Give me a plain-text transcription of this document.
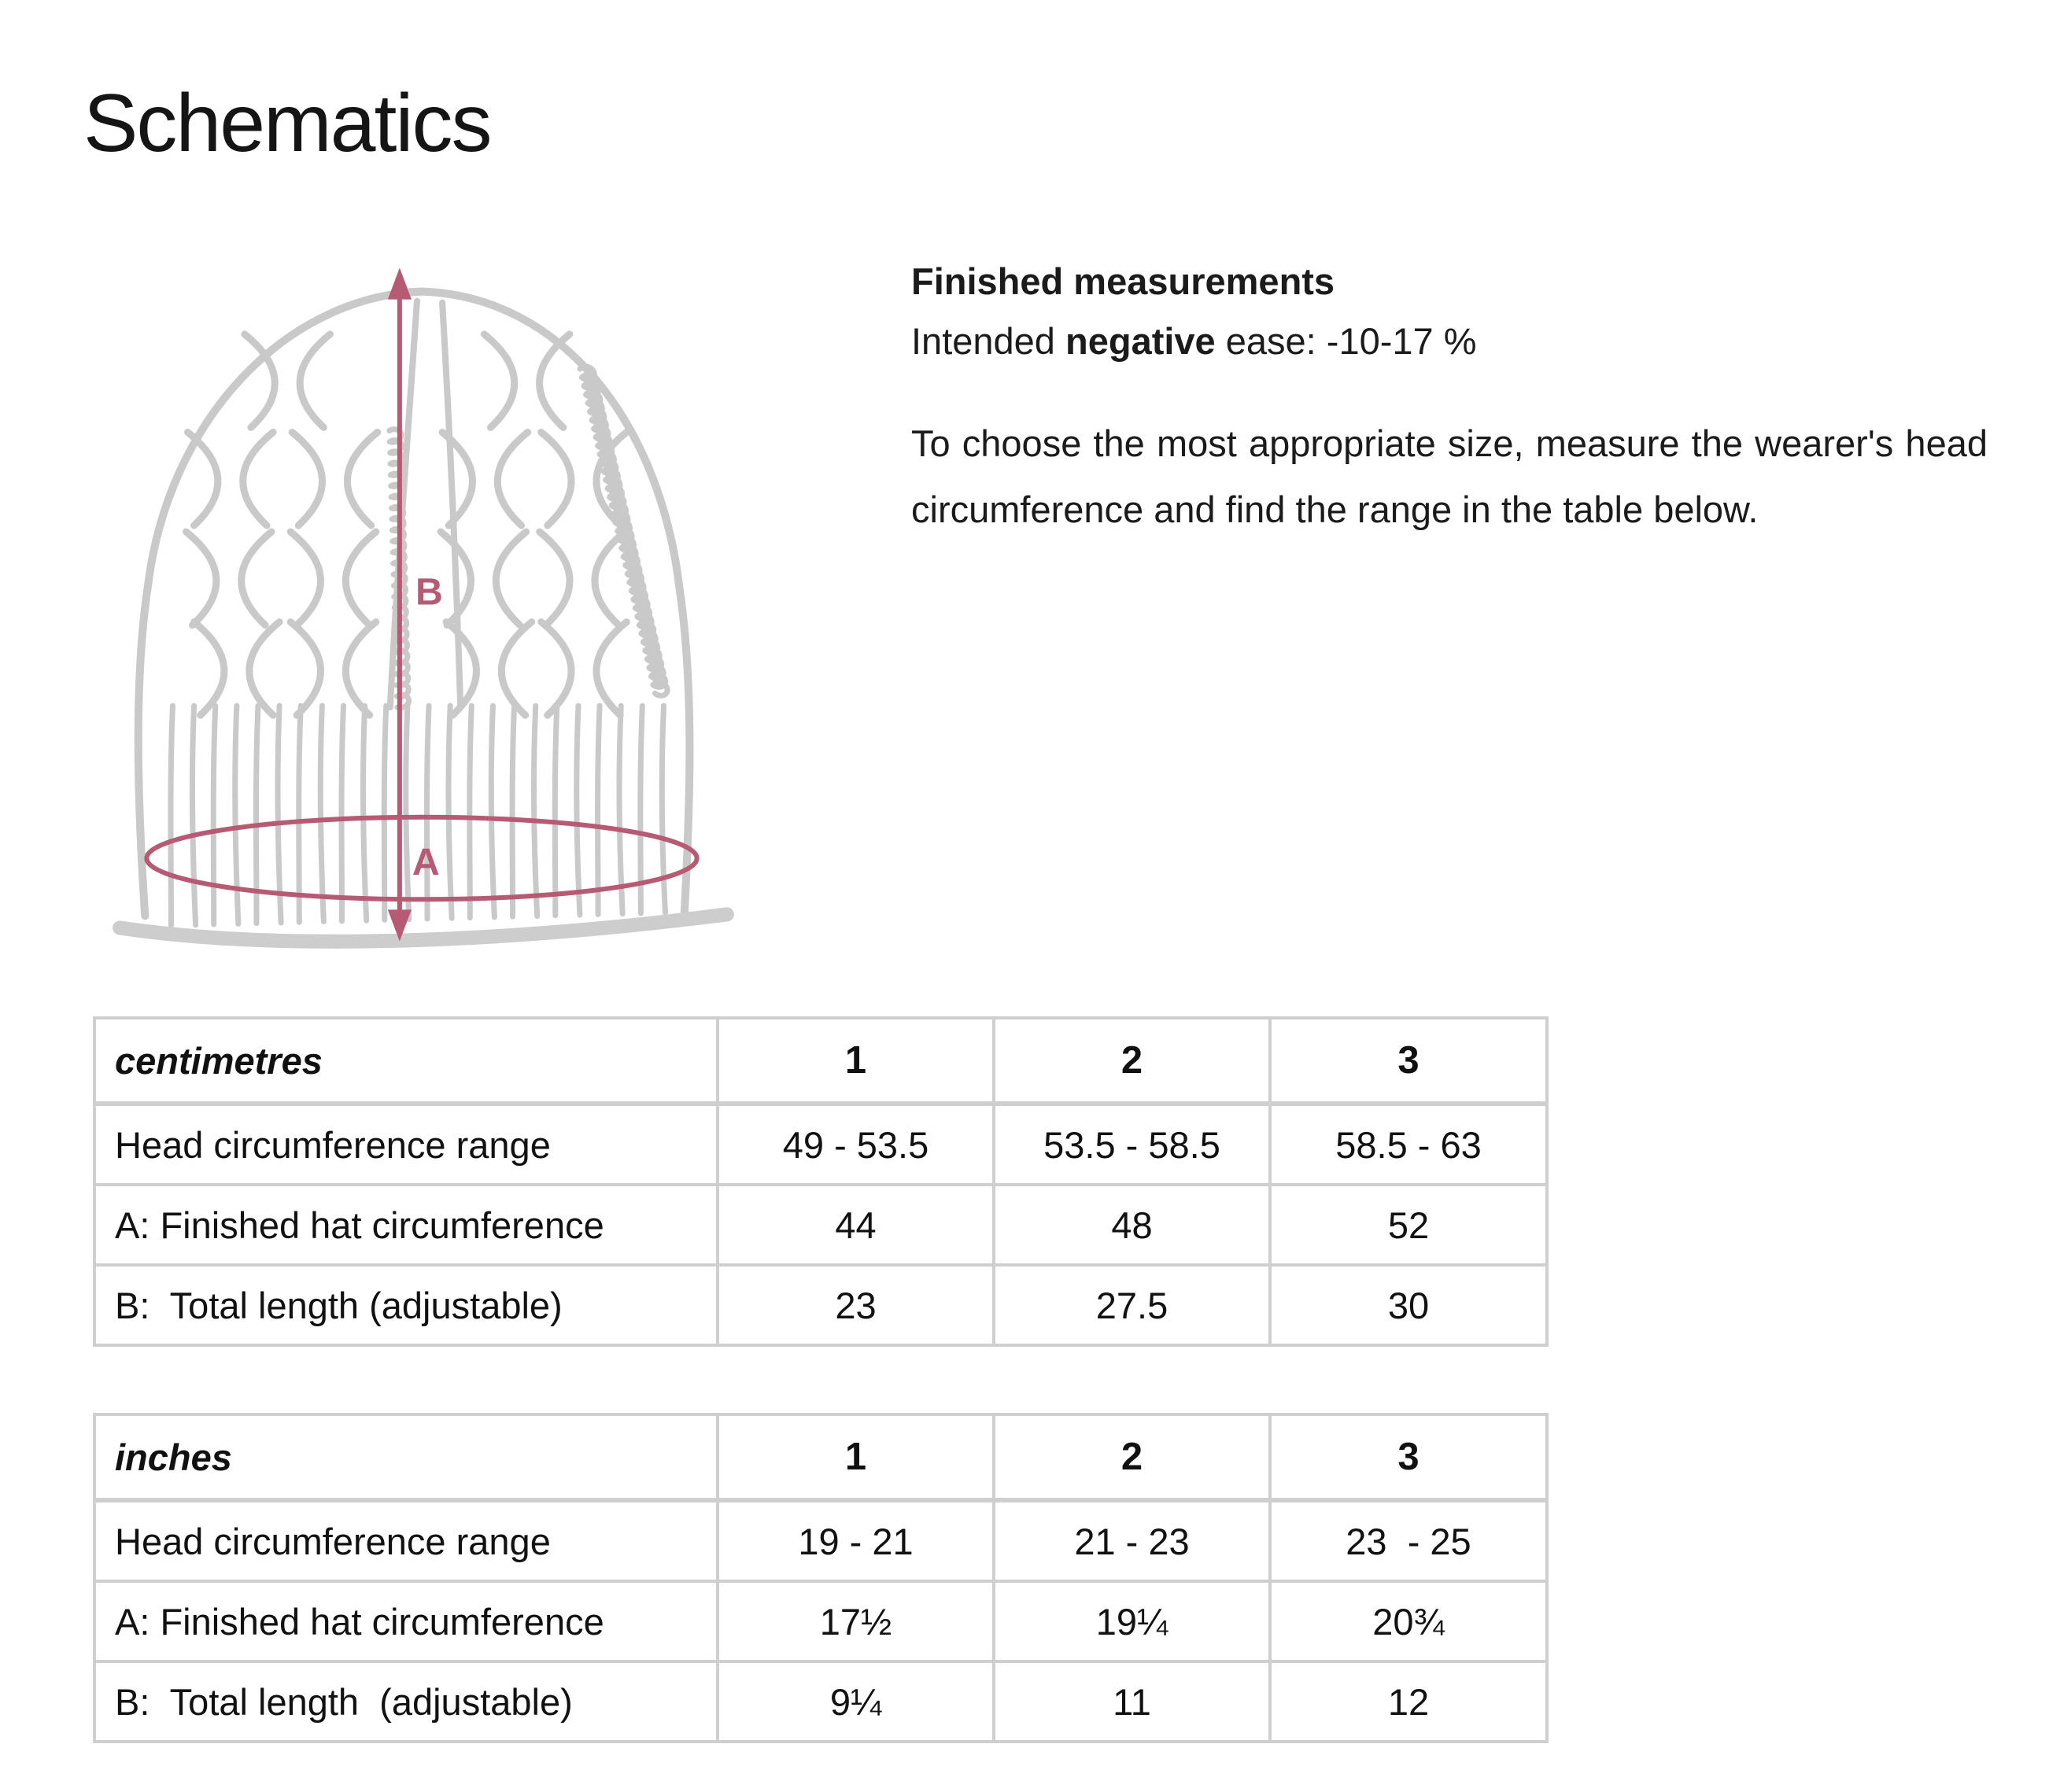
Schematics
B
A

Finished measurements

Intended negative ease: -10-17 %

To choose the most appropriate size, measure the wearer's head circumference and find the range in the table below.

centimetres	1	2	3
Head circumference range	49 - 53.5	53.5 - 58.5	58.5 - 63
A: Finished hat circumference	44	48	52
B:  Total length (adjustable)	23	27.5	30
inches	1	2	3
Head circumference range	19 - 21	21 - 23	23  - 25
A: Finished hat circumference	17½	19¼	20¾
B:  Total length  (adjustable)	9¼	11	12
